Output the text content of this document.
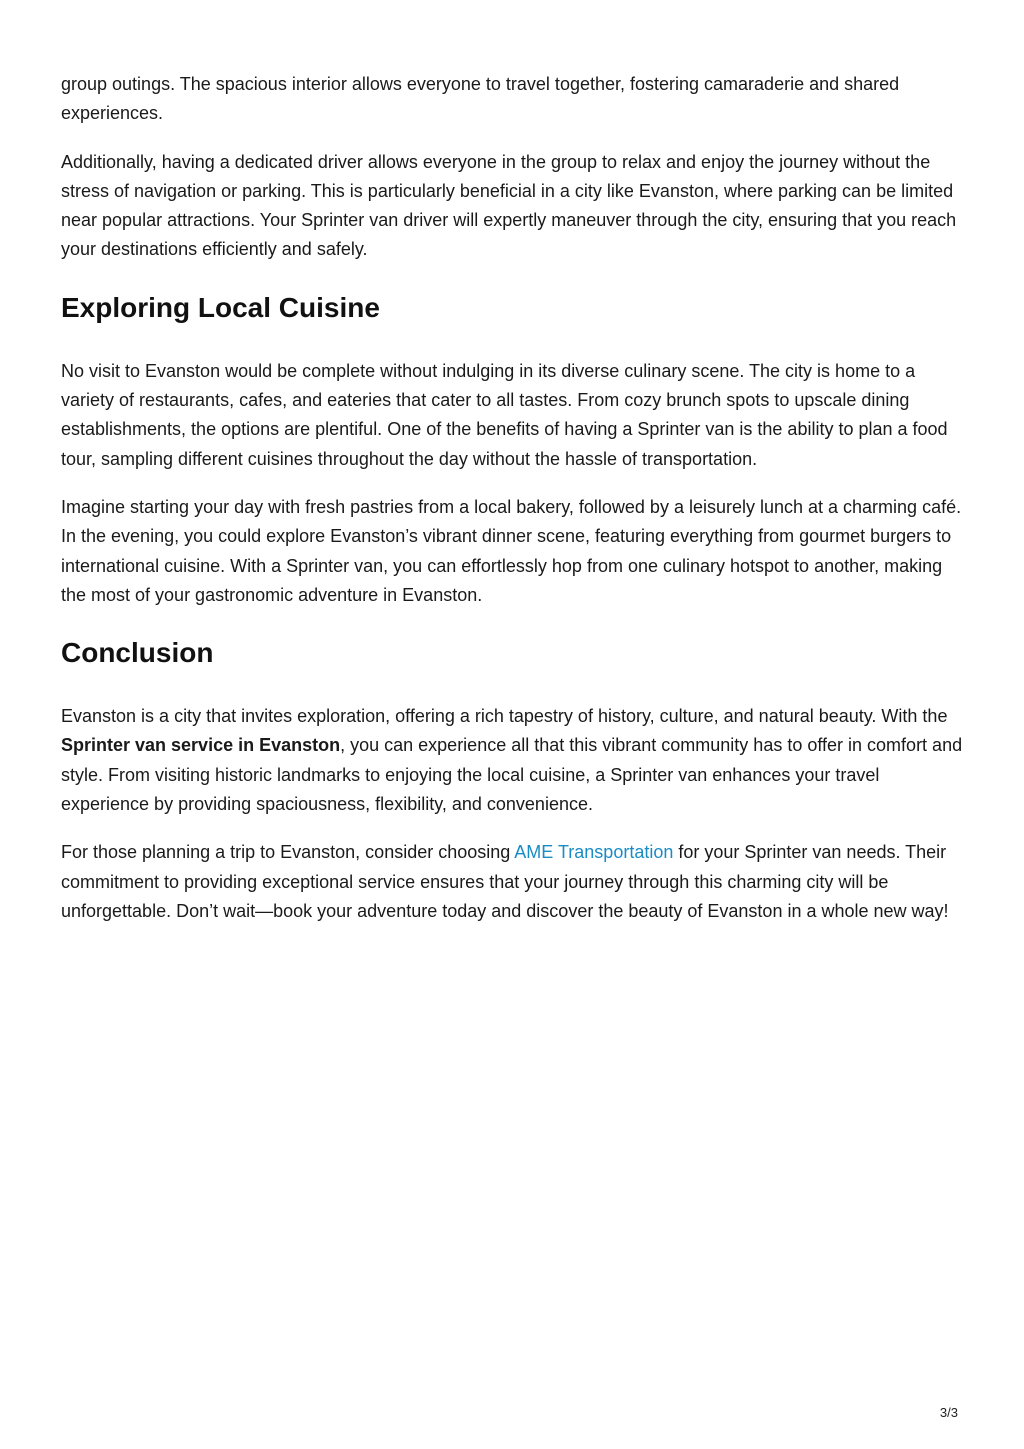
group outings. The spacious interior allows everyone to travel together, fostering camaraderie and shared experiences.

Additionally, having a dedicated driver allows everyone in the group to relax and enjoy the journey without the stress of navigation or parking. This is particularly beneficial in a city like Evanston, where parking can be limited near popular attractions. Your Sprinter van driver will expertly maneuver through the city, ensuring that you reach your destinations efficiently and safely.

Exploring Local Cuisine

No visit to Evanston would be complete without indulging in its diverse culinary scene. The city is home to a variety of restaurants, cafes, and eateries that cater to all tastes. From cozy brunch spots to upscale dining establishments, the options are plentiful. One of the benefits of having a Sprinter van is the ability to plan a food tour, sampling different cuisines throughout the day without the hassle of transportation.

Imagine starting your day with fresh pastries from a local bakery, followed by a leisurely lunch at a charming café. In the evening, you could explore Evanston’s vibrant dinner scene, featuring everything from gourmet burgers to international cuisine. With a Sprinter van, you can effortlessly hop from one culinary hotspot to another, making the most of your gastronomic adventure in Evanston.

Conclusion

Evanston is a city that invites exploration, offering a rich tapestry of history, culture, and natural beauty. With the Sprinter van service in Evanston, you can experience all that this vibrant community has to offer in comfort and style. From visiting historic landmarks to enjoying the local cuisine, a Sprinter van enhances your travel experience by providing spaciousness, flexibility, and convenience.

For those planning a trip to Evanston, consider choosing AME Transportation for your Sprinter van needs. Their commitment to providing exceptional service ensures that your journey through this charming city will be unforgettable. Don’t wait—book your adventure today and discover the beauty of Evanston in a whole new way!

3/3
